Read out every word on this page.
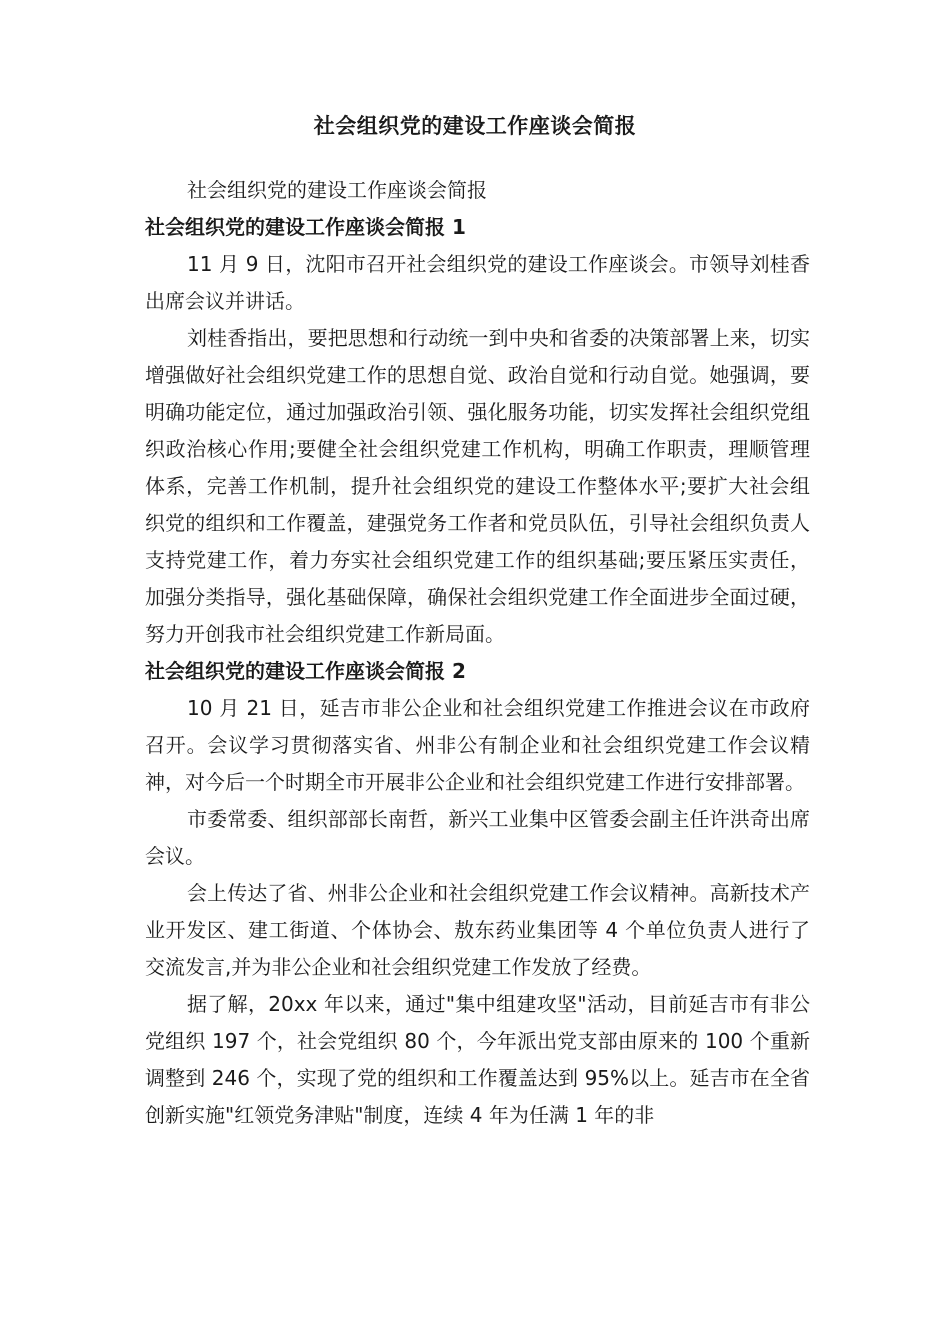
社会组织党的建设工作座谈会简报

社会组织党的建设工作座谈会简报

社会组织党的建设工作座谈会简报 1

11 月 9 日，沈阳市召开社会组织党的建设工作座谈会。市领导刘桂香出席会议并讲话。

刘桂香指出，要把思想和行动统一到中央和省委的决策部署上来，切实增强做好社会组织党建工作的思想自觉、政治自觉和行动自觉。她强调，要明确功能定位，通过加强政治引领、强化服务功能，切实发挥社会组织党组织政治核心作用;要健全社会组织党建工作机构，明确工作职责，理顺管理体系，完善工作机制，提升社会组织党的建设工作整体水平;要扩大社会组织党的组织和工作覆盖，建强党务工作者和党员队伍，引导社会组织负责人支持党建工作，着力夯实社会组织党建工作的组织基础;要压紧压实责任，加强分类指导，强化基础保障，确保社会组织党建工作全面进步全面过硬，努力开创我市社会组织党建工作新局面。

社会组织党的建设工作座谈会简报 2

10 月 21 日，延吉市非公企业和社会组织党建工作推进会议在市政府召开。会议学习贯彻落实省、州非公有制企业和社会组织党建工作会议精神，对今后一个时期全市开展非公企业和社会组织党建工作进行安排部署。

市委常委、组织部部长南哲，新兴工业集中区管委会副主任许洪奇出席会议。

会上传达了省、州非公企业和社会组织党建工作会议精神。高新技术产业开发区、建工街道、个体协会、敖东药业集团等 4 个单位负责人进行了交流发言,并为非公企业和社会组织党建工作发放了经费。

据了解，20xx 年以来，通过"集中组建攻坚"活动，目前延吉市有非公党组织 197 个，社会党组织 80 个，今年派出党支部由原来的 100 个重新调整到 246 个，实现了党的组织和工作覆盖达到 95%以上。延吉市在全省创新实施"红领党务津贴"制度，连续 4 年为任满 1 年的非
